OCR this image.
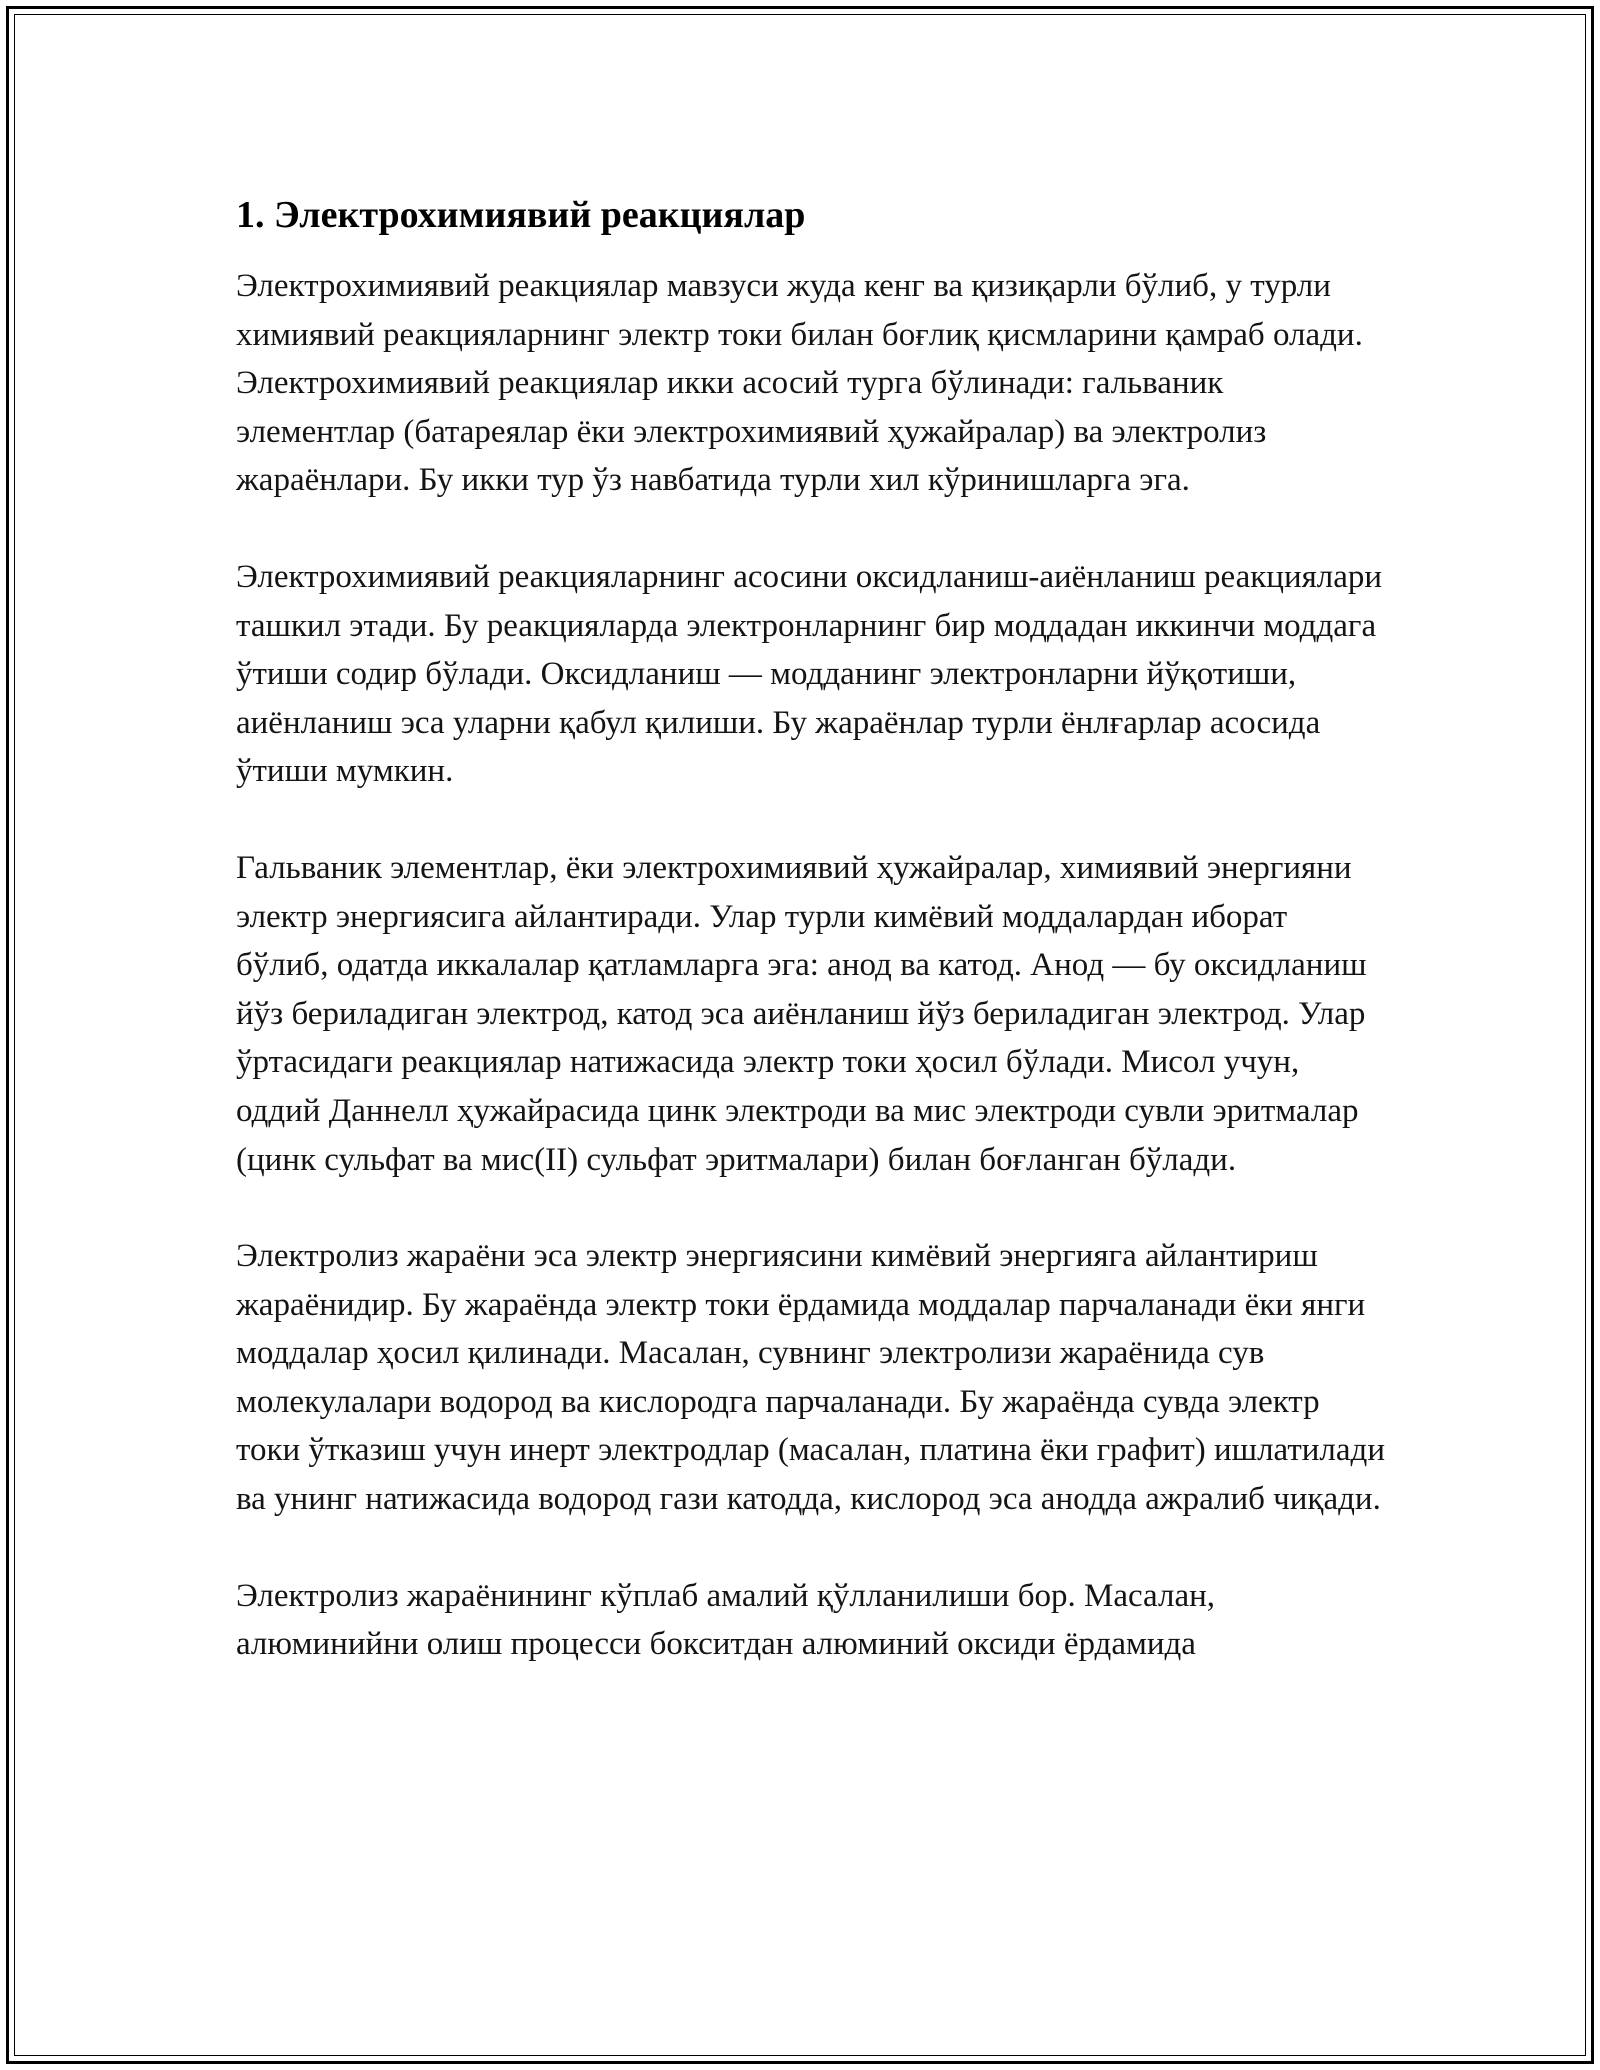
1. Электрохимиявий реакциялар

Электрохимиявий реакциялар мавзуси жуда кенг ва қизиқарли бўлиб, у турли химиявий реакцияларнинг электр токи билан боғлиқ қисмларини қамраб олади. Электрохимиявий реакциялар икки асосий турга бўлинади: гальваник элементлар (батареялар ёки электрохимиявий ҳужайралар) ва электролиз жараёнлари. Бу икки тур ўз навбатида турли хил кўринишларга эга.

Электрохимиявий реакцияларнинг асосини оксидланиш-аиёнланиш реакциялари ташкил этади. Бу реакцияларда электронларнинг бир моддадан иккинчи моддага ўтиши содир бўлади. Оксидланиш — модданинг электронларни йўқотиши, аиёнланиш эса уларни қабул қилиши. Бу жараёнлар турли ёнлғарлар асосида ўтиши мумкин.

Гальваник элементлар, ёки электрохимиявий ҳужайралар, химиявий энергияни электр энергиясига айлантиради. Улар турли кимёвий моддалардан иборат бўлиб, одатда иккалалар қатламларга эга: анод ва катод. Анод — бу оксидланиш йўз бериладиган электрод, катод эса аиёнланиш йўз бериладиган электрод. Улар ўртасидаги реакциялар натижасида электр токи ҳосил бўлади. Мисол учун, оддий Даннелл ҳужайрасида цинк электроди ва мис электроди сувли эритмалар (цинк сульфат ва мис(II) сульфат эритмалари) билан боғланган бўлади.

Электролиз жараёни эса электр энергиясини кимёвий энергияга айлантириш жараёнидир. Бу жараёнда электр токи ёрдамида моддалар парчаланади ёки янги моддалар ҳосил қилинади. Масалан, сувнинг электролизи жараёнида сув молекулалари водород ва кислородга парчаланади. Бу жараёнда сувда электр токи ўтказиш учун инерт электродлар (масалан, платина ёки графит) ишлатилади ва унинг натижасида водород гази катодда, кислород эса анодда ажралиб чиқади.

Электролиз жараёнининг кўплаб амалий қўлланилиши бор. Масалан, алюминийни олиш процесси бокситдан алюминий оксиди ёрдамида
